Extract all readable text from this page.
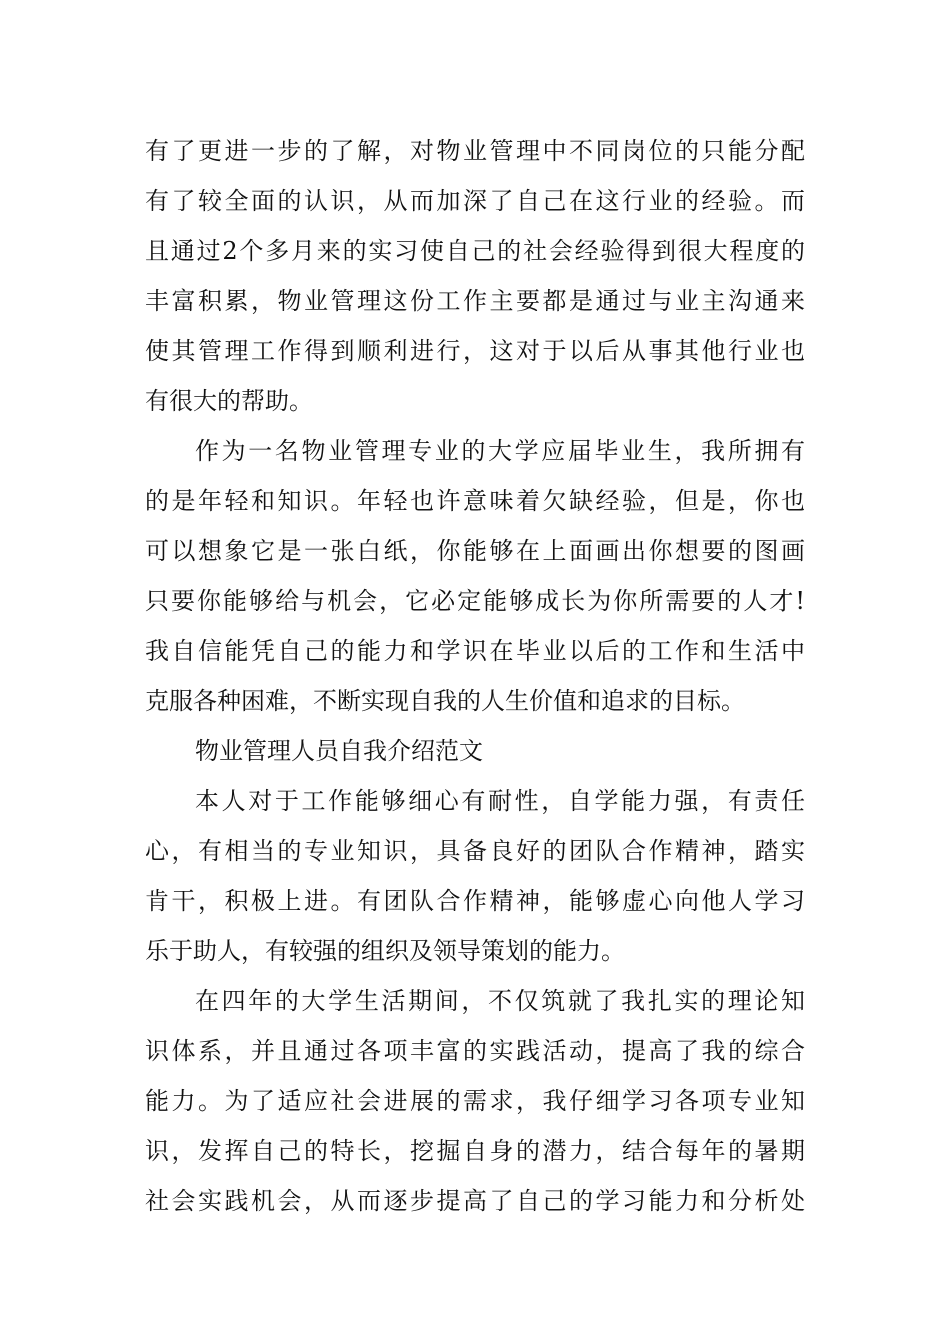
有了更进一步的了解，对物业管理中不同岗位的只能分配
有了较全面的认识，从而加深了自己在这行业的经验。而
且通过2个多月来的实习使自己的社会经验得到很大程度的
丰富积累，物业管理这份工作主要都是通过与业主沟通来
使其管理工作得到顺利进行，这对于以后从事其他行业也
有很大的帮助。
作为一名物业管理专业的大学应届毕业生，我所拥有
的是年轻和知识。年轻也许意味着欠缺经验，但是，你也
可以想象它是一张白纸，你能够在上面画出你想要的图画
只要你能够给与机会，它必定能够成长为你所需要的人才!
我自信能凭自己的能力和学识在毕业以后的工作和生活中
克服各种困难，不断实现自我的人生价值和追求的目标。
物业管理人员自我介绍范文
本人对于工作能够细心有耐性，自学能力强，有责任
心，有相当的专业知识，具备良好的团队合作精神，踏实
肯干，积极上进。有团队合作精神，能够虚心向他人学习
乐于助人，有较强的组织及领导策划的能力。
在四年的大学生活期间，不仅筑就了我扎实的理论知
识体系，并且通过各项丰富的实践活动，提高了我的综合
能力。为了适应社会进展的需求，我仔细学习各项专业知
识，发挥自己的特长，挖掘自身的潜力，结合每年的暑期
社会实践机会，从而逐步提高了自己的学习能力和分析处
